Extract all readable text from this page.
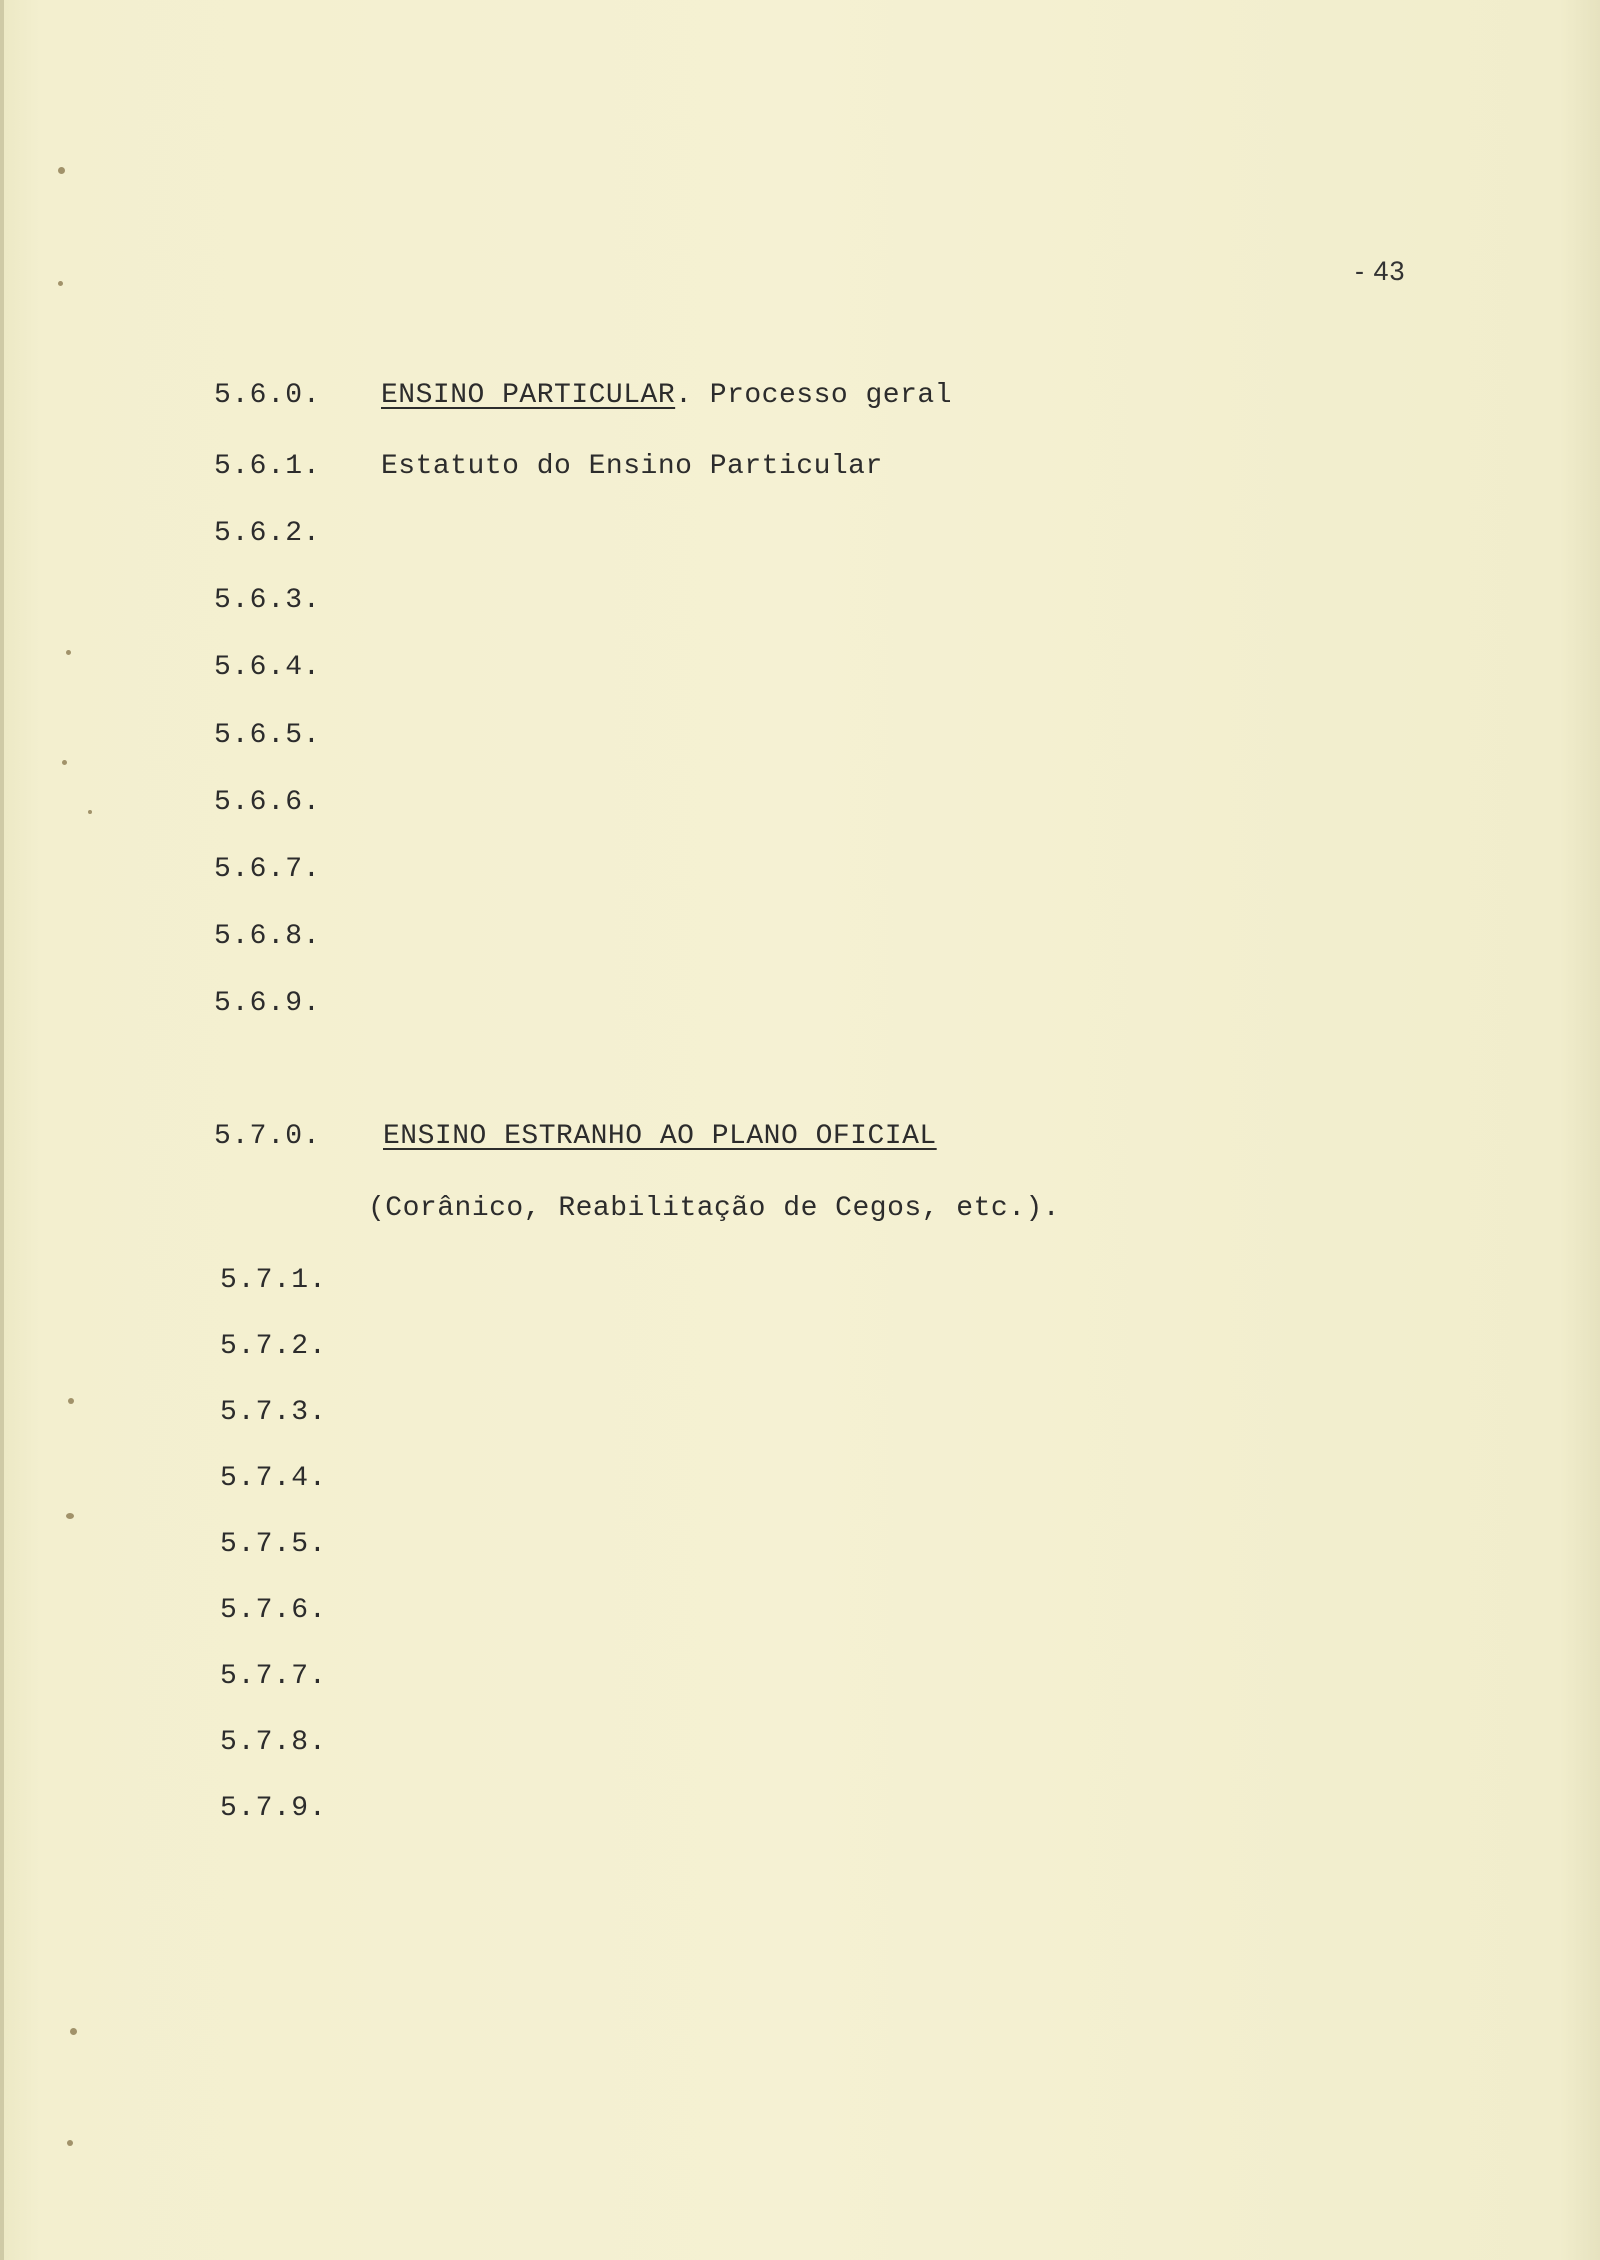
- 43
5.6.0. ENSINO PARTICULAR. Processo geral
5.6.1. Estatuto do Ensino Particular
5.6.2.
5.6.3.
5.6.4.
5.6.5.
5.6.6.
5.6.7.
5.6.8.
5.6.9.
5.7.0. ENSINO ESTRANHO AO PLANO OFICIAL
(Corânico, Reabilitação de Cegos, etc.).
5.7.1.
5.7.2.
5.7.3.
5.7.4.
5.7.5.
5.7.6.
5.7.7.
5.7.8.
5.7.9.
